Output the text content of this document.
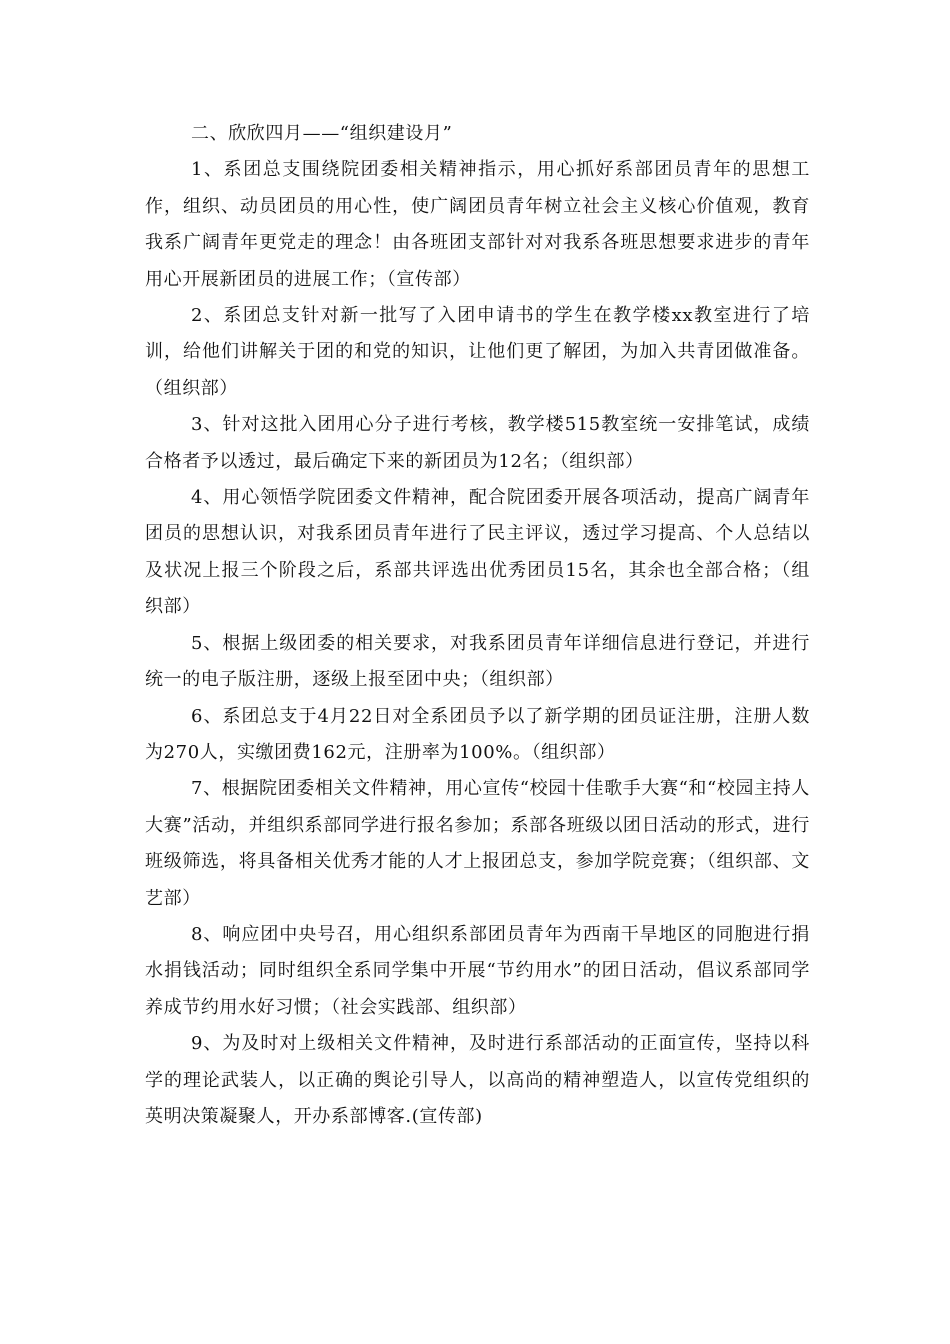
二、欣欣四月——“组织建设月”

1、系团总支围绕院团委相关精神指示，用心抓好系部团员青年的思想工作，组织、动员团员的用心性，使广阔团员青年树立社会主义核心价值观，教育我系广阔青年更党走的理念！由各班团支部针对对我系各班思想要求进步的青年用心开展新团员的进展工作；（宣传部）

2、系团总支针对新一批写了入团申请书的学生在教学楼xx教室进行了培训，给他们讲解关于团的和党的知识，让他们更了解团，为加入共青团做准备。（组织部）

3、针对这批入团用心分子进行考核，教学楼515教室统一安排笔试，成绩合格者予以透过，最后确定下来的新团员为12名；（组织部）

4、用心领悟学院团委文件精神，配合院团委开展各项活动，提高广阔青年团员的思想认识，对我系团员青年进行了民主评议，透过学习提高、个人总结以及状况上报三个阶段之后，系部共评选出优秀团员15名，其余也全部合格；（组织部）

5、根据上级团委的相关要求，对我系团员青年详细信息进行登记，并进行统一的电子版注册，逐级上报至团中央；（组织部）

6、系团总支于4月22日对全系团员予以了新学期的团员证注册，注册人数为270人，实缴团费162元，注册率为100%。（组织部）

7、根据院团委相关文件精神，用心宣传“校园十佳歌手大赛“和“校园主持人大赛”活动，并组织系部同学进行报名参加；系部各班级以团日活动的形式，进行班级筛选，将具备相关优秀才能的人才上报团总支，参加学院竞赛；（组织部、文艺部）

8、响应团中央号召，用心组织系部团员青年为西南干旱地区的同胞进行捐水捐钱活动；同时组织全系同学集中开展“节约用水”的团日活动，倡议系部同学养成节约用水好习惯；（社会实践部、组织部）

9、为及时对上级相关文件精神，及时进行系部活动的正面宣传，坚持以科学的理论武装人，以正确的舆论引导人，以高尚的精神塑造人，以宣传党组织的英明决策凝聚人，开办系部博客.(宣传部)
